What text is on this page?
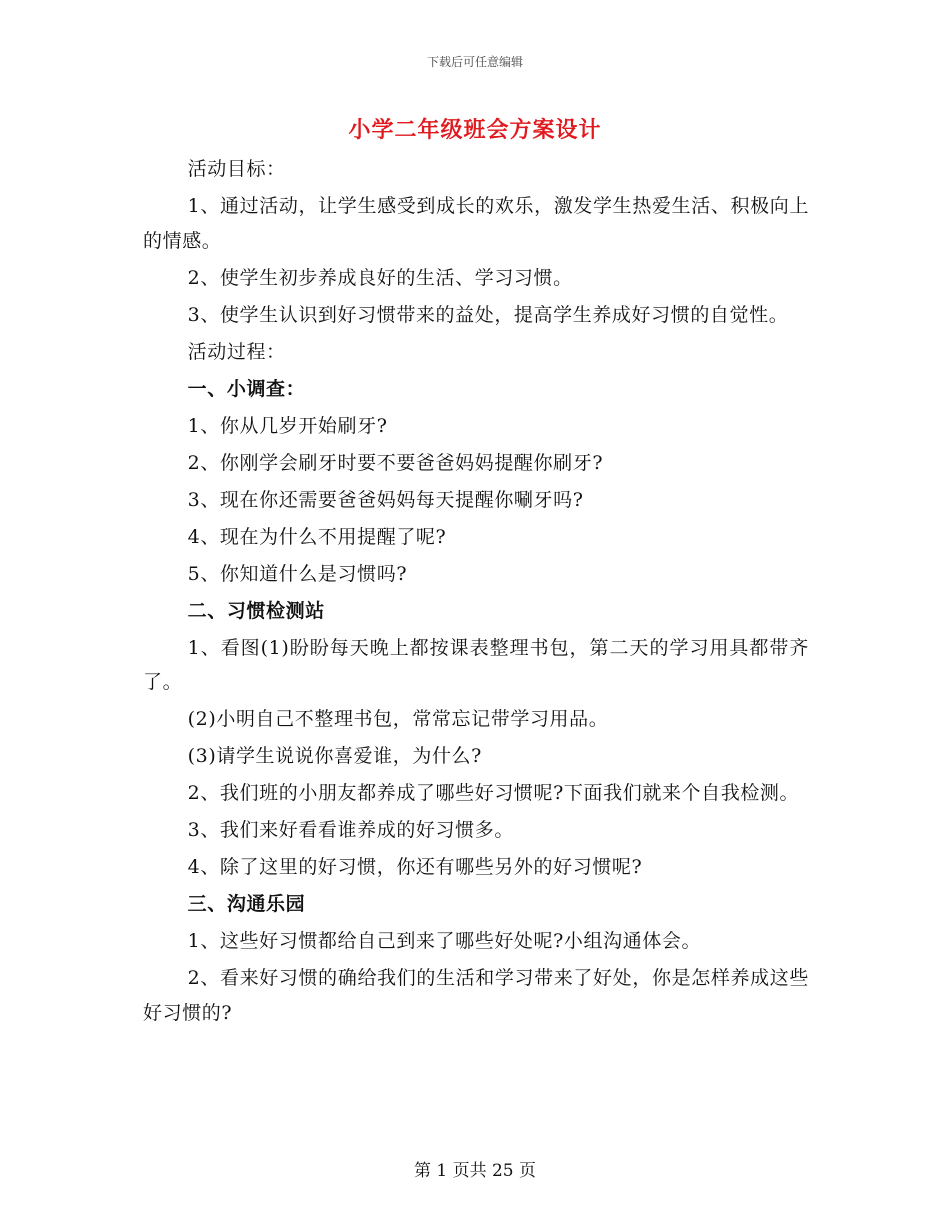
下载后可任意编辑
小学二年级班会方案设计

活动目标：

1、通过活动，让学生感受到成长的欢乐，激发学生热爱生活、积极向上的情感。

2、使学生初步养成良好的生活、学习习惯。

3、使学生认识到好习惯带来的益处，提高学生养成好习惯的自觉性。

活动过程：

一、小调查：

1、你从几岁开始刷牙?

2、你刚学会刷牙时要不要爸爸妈妈提醒你刷牙?

3、现在你还需要爸爸妈妈每天提醒你唰牙吗?

4、现在为什么不用提醒了呢?

5、你知道什么是习惯吗?

二、习惯检测站

1、看图(1)盼盼每天晚上都按课表整理书包，第二天的学习用具都带齐了。

(2)小明自己不整理书包，常常忘记带学习用品。

(3)请学生说说你喜爱谁，为什么?

2、我们班的小朋友都养成了哪些好习惯呢?下面我们就来个自我检测。

3、我们来好看看谁养成的好习惯多。

4、除了这里的好习惯，你还有哪些另外的好习惯呢?

三、沟通乐园

1、这些好习惯都给自己到来了哪些好处呢?小组沟通体会。

2、看来好习惯的确给我们的生活和学习带来了好处，你是怎样养成这些好习惯的?

第 1 页共 25 页
